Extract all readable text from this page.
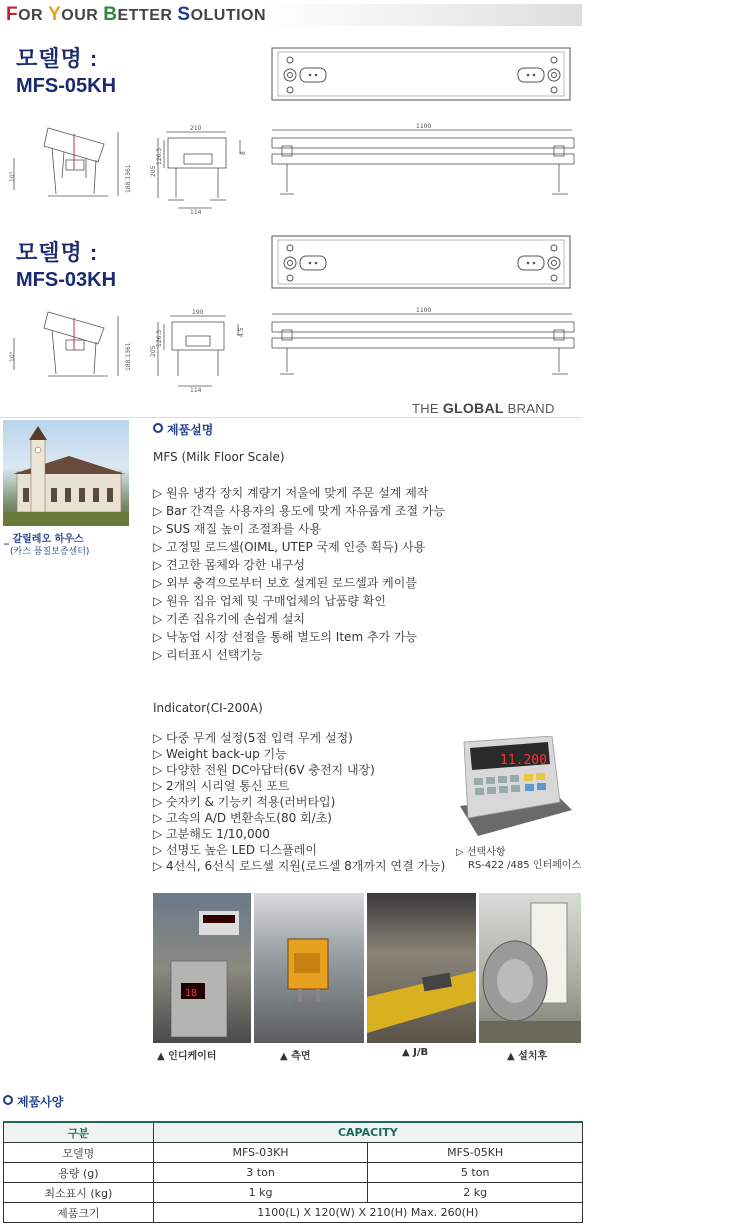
FOR YOUR BETTER SOLUTION
모델명 :
MFS-05KH
10°	188.1361
210
205
126.5	8
114
1100
모델명 :
MFS-03KH
10°	188.1361
190
205
126.5	4.5
114
1100
THE GLOBAL BRAND
_ 갈릴레오 하우스
(카스 품질보증센터)
제품설명
MFS (Milk Floor Scale)
▷ 원유 냉각 장치 계량기 저울에 맞게 주문 설계 제작
▷ Bar 간격을 사용자의 용도에 맞게 자유롭게 조절 가능
▷ SUS 재질 높이 조절좌를 사용
▷ 고정밀 로드셀(OIML, UTEP 국제 인증 획득) 사용
▷ 견고한 몸체와 강한 내구성
▷ 외부 충격으로부터 보호 설계된 로드셀과 케이블
▷ 원유 집유 업체 및 구매업체의 납품량 확인
▷ 기존 집유기에 손쉽게 설치
▷ 낙농업 시장 선점을 통해 별도의 Item 추가 가능
▷ 리터표시 선택기능
Indicator(CI-200A)
▷ 다중 무게 설정(5점 입력 무게 설정)
▷ Weight back-up 기능
▷ 다양한 전원 DC아답터(6V 충전지 내장)
▷ 2개의 시리얼 통신 포트
▷ 숫자키 & 기능키 적용(러버타입)
▷ 고속의 A/D 변환속도(80 회/초)
▷ 고분해도 1/10,000
▷ 선명도 높은 LED 디스플레이
▷ 4선식, 6선식 로드셀 지원(로드셀 8개까지 연결 가능)
11.200
▷ 선택사항
RS-422 /485 인터페이스
18
▲ 인디케이터	▲ 측면	▲ J/B	▲ 설치후
제품사양
구분	CAPACITY	
모델명	MFS-03KH	MFS-05KH
용량 (g)	3 ton	5 ton
최소표시 (kg)	1 kg	2 kg
제품크기	1100(L) X 120(W) X 210(H) Max. 260(H)	
